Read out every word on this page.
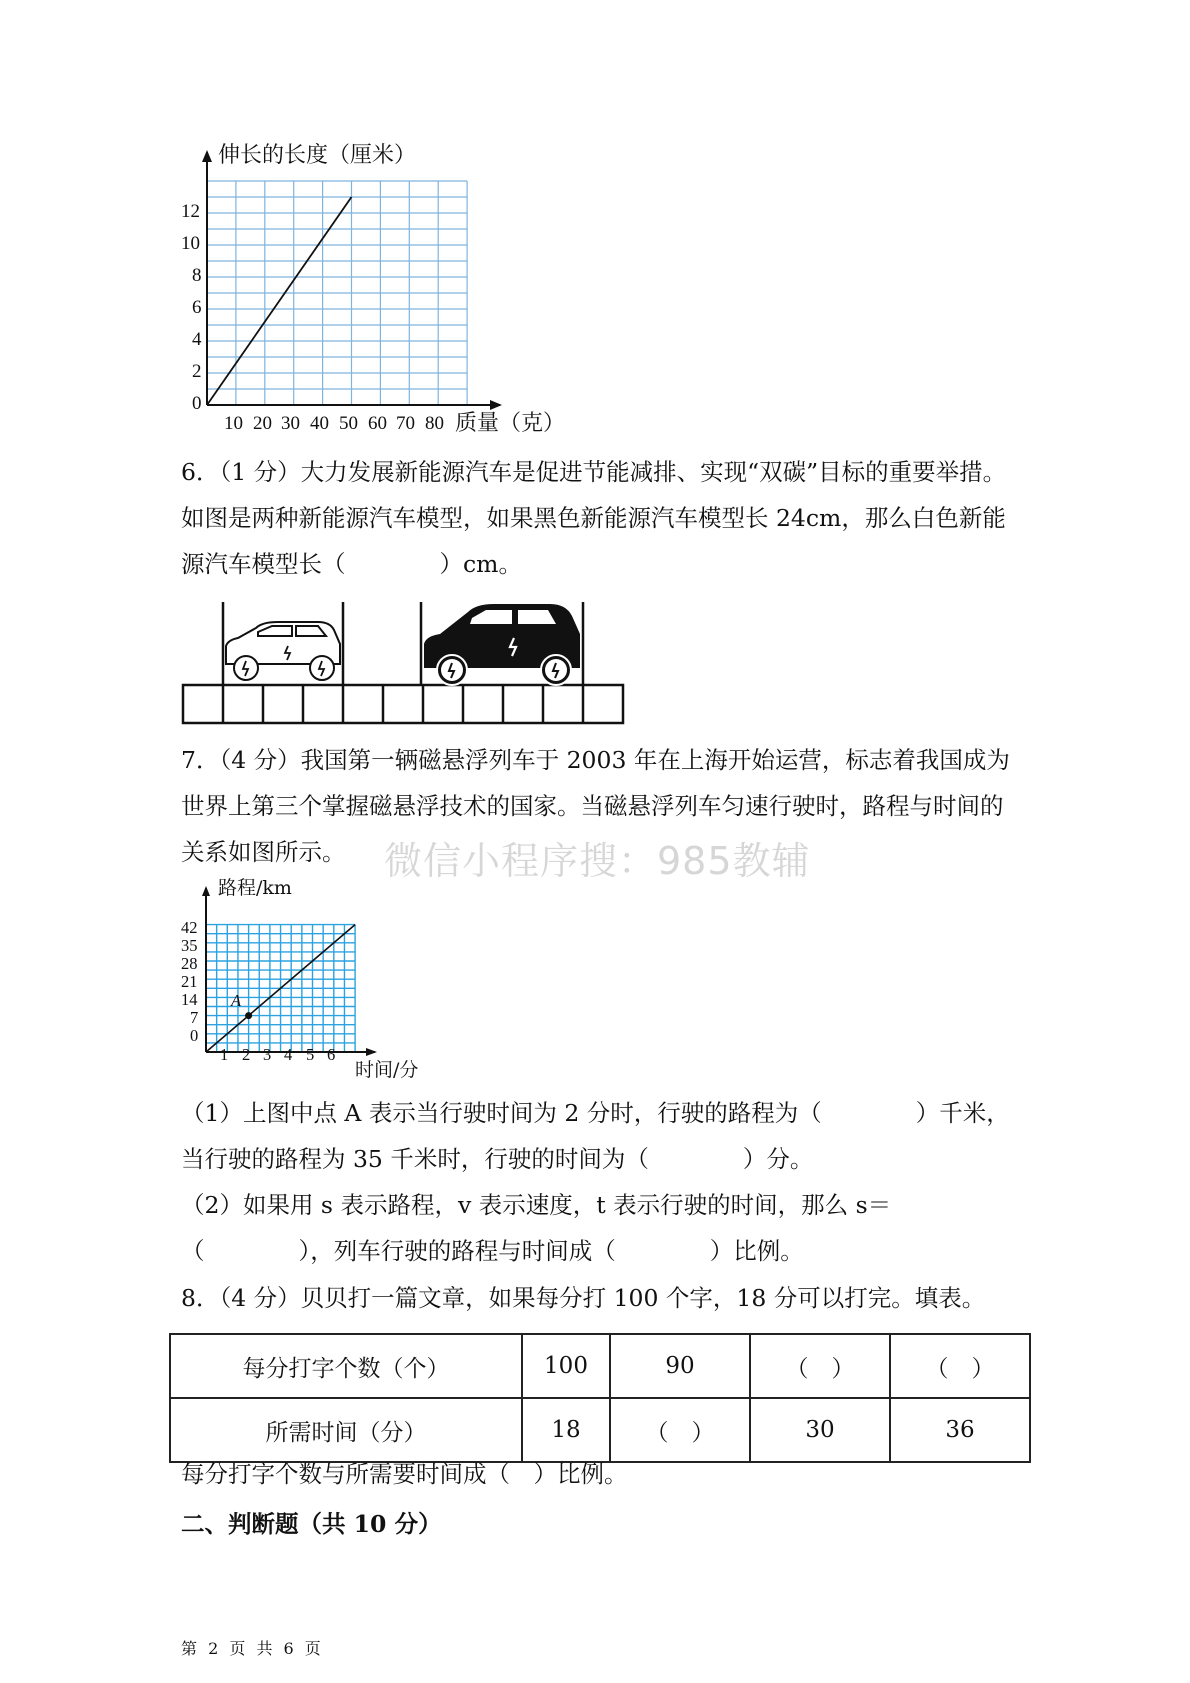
伸长的长度（厘米）
12
10
8
6
4
2
0
10 20 30 40 50 60 70 80 质量（克）
6．（1 分）大力发展新能源汽车是促进节能减排、实现“双碳”目标的重要举措。
如图是两种新能源汽车模型，如果黑色新能源汽车模型长 24cm，那么白色新能
源汽车模型长（　　　　）cm。
7．（4 分）我国第一辆磁悬浮列车于 2003 年在上海开始运营，标志着我国成为
世界上第三个掌握磁悬浮技术的国家。当磁悬浮列车匀速行驶时，路程与时间的
关系如图所示。 微信小程序搜：985教辅
路程/km
42
35
28
21
14
7
0
1 2 3 4 5 6
时间/分
A
（1）上图中点 A 表示当行驶时间为 2 分时，行驶的路程为（　　　　）千米，
当行驶的路程为 35 千米时，行驶的时间为（　　　　）分。
（2）如果用 s 表示路程，v 表示速度，t 表示行驶的时间，那么 s＝
（　　　　），列车行驶的路程与时间成（　　　　）比例。
8．（4 分）贝贝打一篇文章，如果每分打 100 个字，18 分可以打完。填表。
每分打字个数（个）	100	90	（　）	（　）
所需时间（分）	18	（　）	30	36
每分打字个数与所需要时间成（　）比例。
二、判断题（共 10 分）
第 2 页 共 6 页
